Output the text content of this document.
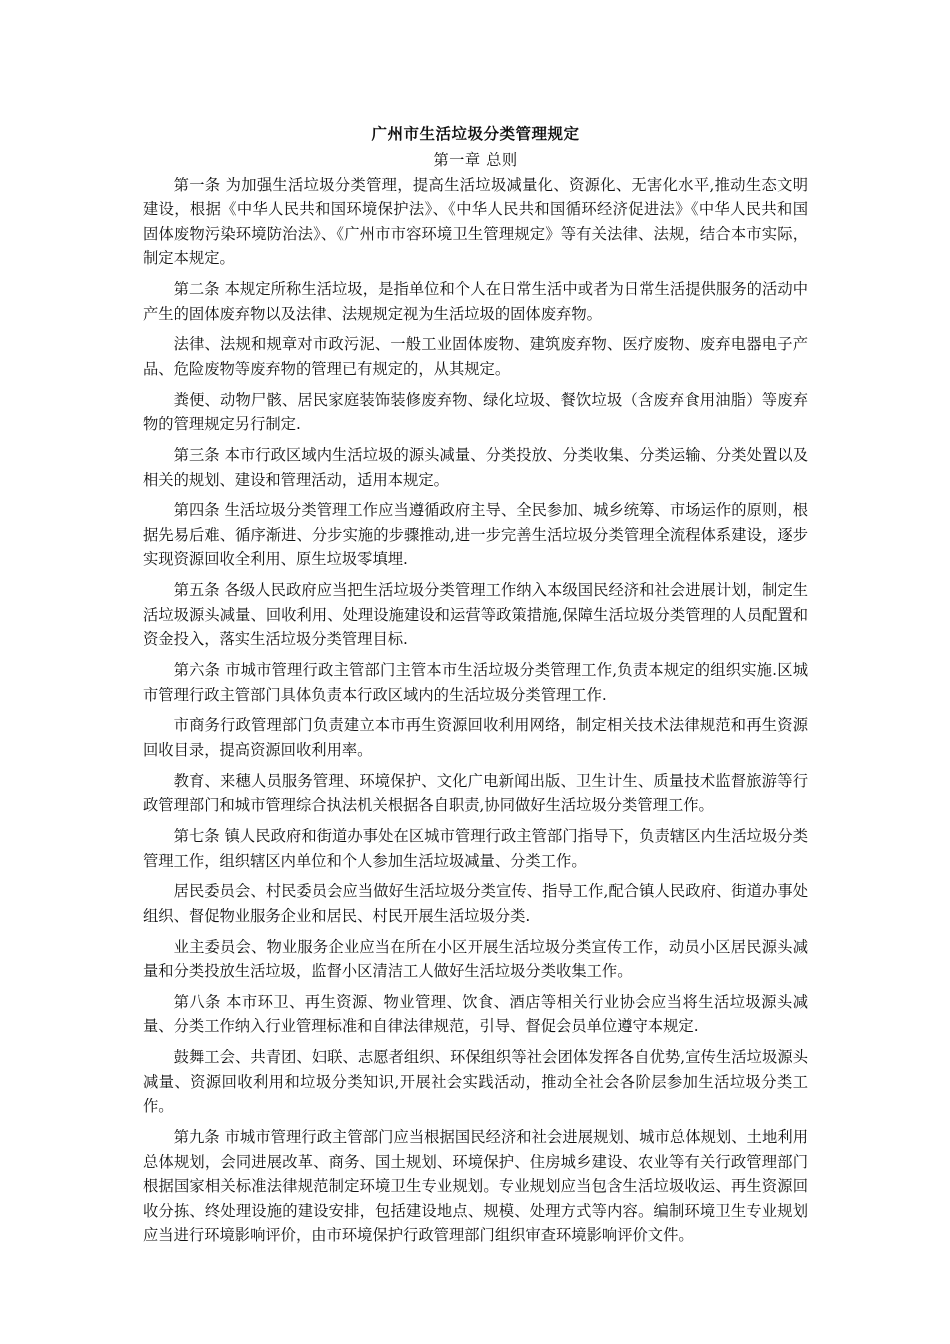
广州市生活垃圾分类管理规定

第一章 总则

第一条 为加强生活垃圾分类管理，提高生活垃圾减量化、资源化、无害化水平,推动生态文明建设，根据《中华人民共和国环境保护法》、《中华人民共和国循环经济促进法》《中华人民共和国固体废物污染环境防治法》、《广州市市容环境卫生管理规定》等有关法律、法规，结合本市实际，制定本规定。

第二条 本规定所称生活垃圾，是指单位和个人在日常生活中或者为日常生活提供服务的活动中产生的固体废弃物以及法律、法规规定视为生活垃圾的固体废弃物。

法律、法规和规章对市政污泥、一般工业固体废物、建筑废弃物、医疗废物、废弃电器电子产品、危险废物等废弃物的管理已有规定的，从其规定。

粪便、动物尸骸、居民家庭装饰装修废弃物、绿化垃圾、餐饮垃圾（含废弃食用油脂）等废弃物的管理规定另行制定.

第三条 本市行政区域内生活垃圾的源头减量、分类投放、分类收集、分类运输、分类处置以及相关的规划、建设和管理活动，适用本规定。

第四条 生活垃圾分类管理工作应当遵循政府主导、全民参加、城乡统筹、市场运作的原则，根据先易后难、循序渐进、分步实施的步骤推动,进一步完善生活垃圾分类管理全流程体系建设，逐步实现资源回收全利用、原生垃圾零填埋.

第五条 各级人民政府应当把生活垃圾分类管理工作纳入本级国民经济和社会进展计划，制定生活垃圾源头减量、回收利用、处理设施建设和运营等政策措施,保障生活垃圾分类管理的人员配置和资金投入，落实生活垃圾分类管理目标.

第六条 市城市管理行政主管部门主管本市生活垃圾分类管理工作,负责本规定的组织实施.区城市管理行政主管部门具体负责本行政区域内的生活垃圾分类管理工作.

市商务行政管理部门负责建立本市再生资源回收利用网络，制定相关技术法律规范和再生资源回收目录，提高资源回收利用率。

教育、来穗人员服务管理、环境保护、文化广电新闻出版、卫生计生、质量技术监督旅游等行政管理部门和城市管理综合执法机关根据各自职责,协同做好生活垃圾分类管理工作。

第七条 镇人民政府和街道办事处在区城市管理行政主管部门指导下，负责辖区内生活垃圾分类管理工作，组织辖区内单位和个人参加生活垃圾减量、分类工作。

居民委员会、村民委员会应当做好生活垃圾分类宣传、指导工作,配合镇人民政府、街道办事处组织、督促物业服务企业和居民、村民开展生活垃圾分类.

业主委员会、物业服务企业应当在所在小区开展生活垃圾分类宣传工作，动员小区居民源头减量和分类投放生活垃圾，监督小区清洁工人做好生活垃圾分类收集工作。

第八条 本市环卫、再生资源、物业管理、饮食、酒店等相关行业协会应当将生活垃圾源头减量、分类工作纳入行业管理标准和自律法律规范，引导、督促会员单位遵守本规定.

鼓舞工会、共青团、妇联、志愿者组织、环保组织等社会团体发挥各自优势,宣传生活垃圾源头减量、资源回收利用和垃圾分类知识,开展社会实践活动，推动全社会各阶层参加生活垃圾分类工作。

第九条 市城市管理行政主管部门应当根据国民经济和社会进展规划、城市总体规划、土地利用总体规划，会同进展改革、商务、国土规划、环境保护、住房城乡建设、农业等有关行政管理部门根据国家相关标准法律规范制定环境卫生专业规划。专业规划应当包含生活垃圾收运、再生资源回收分拣、终处理设施的建设安排，包括建设地点、规模、处理方式等内容。编制环境卫生专业规划应当进行环境影响评价，由市环境保护行政管理部门组织审查环境影响评价文件。
